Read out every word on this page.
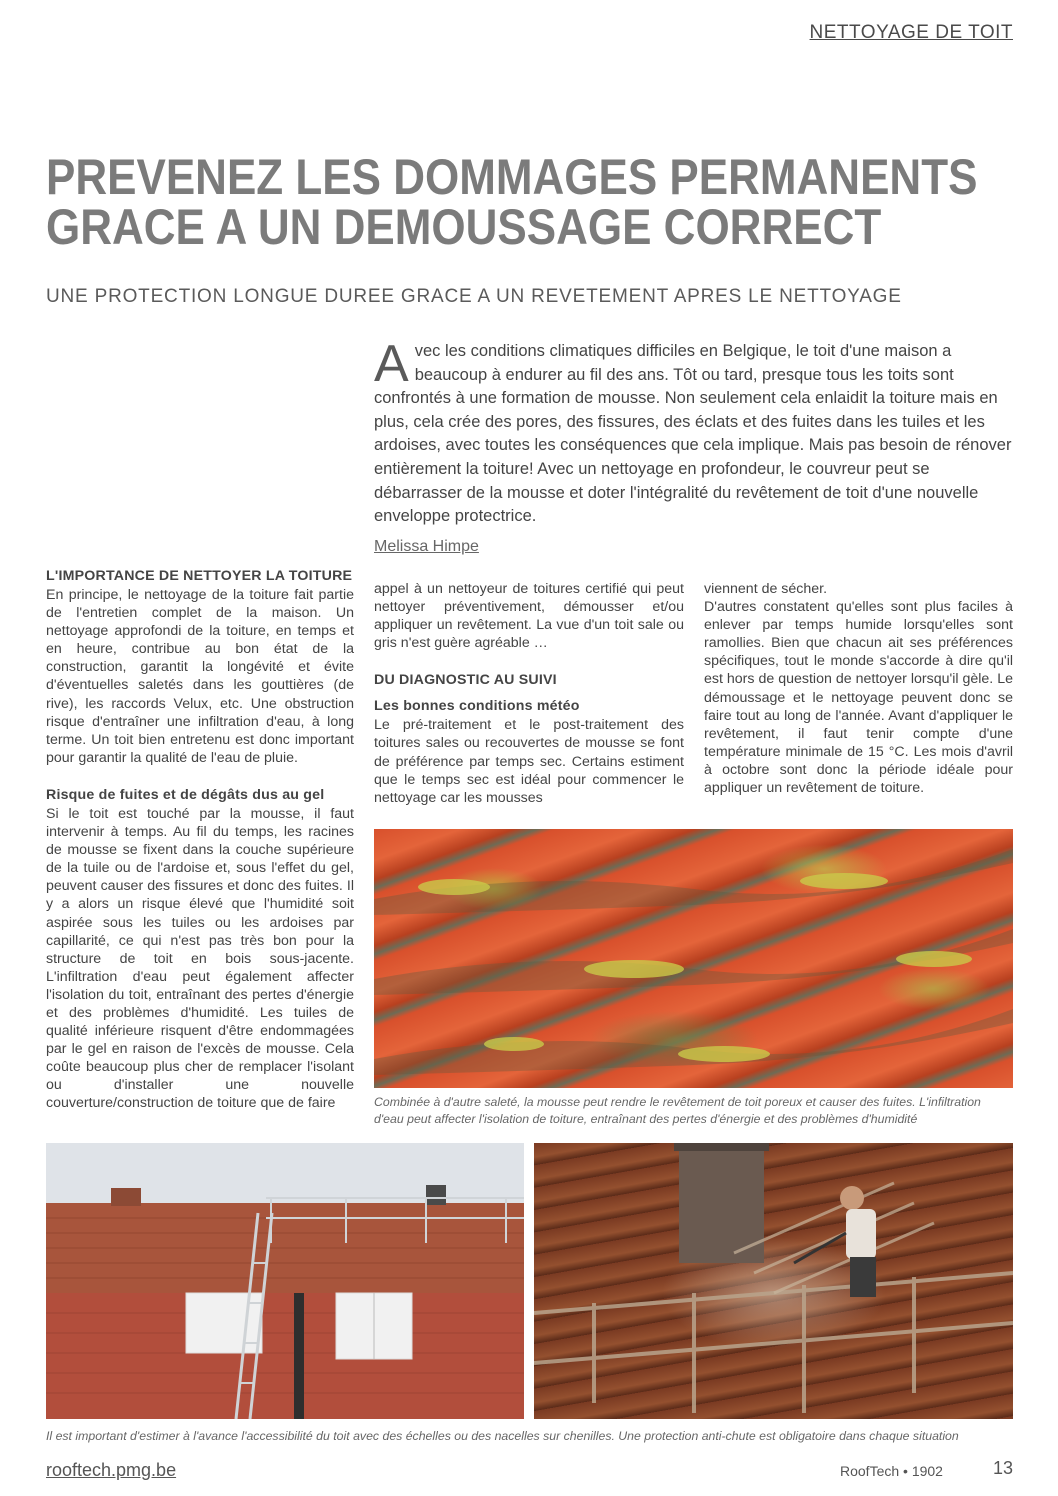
NETTOYAGE DE TOIT
PREVENEZ LES DOMMAGES PERMANENTS
GRACE A UN DEMOUSSAGE CORRECT
UNE PROTECTION LONGUE DUREE GRACE A UN REVETEMENT APRES LE NETTOYAGE

Avec les conditions climatiques difficiles en Belgique, le toit d'une maison a beaucoup à endurer au fil des ans. Tôt ou tard, presque tous les toits sont confrontés à une formation de mousse. Non seulement cela enlaidit la toiture mais en plus, cela crée des pores, des fissures, des éclats et des fuites dans les tuiles et les ardoises, avec toutes les conséquences que cela implique. Mais pas besoin de rénover entièrement la toiture! Avec un nettoyage en profondeur, le couvreur peut se débarrasser de la mousse et doter l'intégralité du revêtement de toit d'une nouvelle enveloppe protectrice.

Melissa Himpe
L'IMPORTANCE DE NETTOYER LA TOITURE

En principe, le nettoyage de la toiture fait partie de l'entretien complet de la maison. Un nettoyage approfondi de la toiture, en temps et en heure, contribue au bon état de la construction, garantit la longévité et évite d'éventuelles saletés dans les gouttières (de rive), les raccords Velux, etc. Une obstruction risque d'entraîner une infiltration d'eau, à long terme. Un toit bien entretenu est donc important pour garantir la qualité de l'eau de pluie.

Risque de fuites et de dégâts dus au gel

Si le toit est touché par la mousse, il faut intervenir à temps. Au fil du temps, les racines de mousse se fixent dans la couche supérieure de la tuile ou de l'ardoise et, sous l'effet du gel, peuvent causer des fissures et donc des fuites. Il y a alors un risque élevé que l'humidité soit aspirée sous les tuiles ou les ardoises par capillarité, ce qui n'est pas très bon pour la structure de toit en bois sous-jacente. L'infiltration d'eau peut également affecter l'isolation du toit, entraînant des pertes d'énergie et des problèmes d'humidité. Les tuiles de qualité inférieure risquent d'être endommagées par le gel en raison de l'excès de mousse. Cela coûte beaucoup plus cher de remplacer l'isolant ou d'installer une nouvelle couverture/construction de toiture que de faire

appel à un nettoyeur de toitures certifié qui peut nettoyer préventivement, démousser et/ou appliquer un revêtement. La vue d'un toit sale ou gris n'est guère agréable …

DU DIAGNOSTIC AU SUIVI
Les bonnes conditions météo

Le pré-traitement et le post-traitement des toitures sales ou recouvertes de mousse se font de préférence par temps sec. Certains estiment que le temps sec est idéal pour commencer le nettoyage car les mousses

viennent de sécher.

D'autres constatent qu'elles sont plus faciles à enlever par temps humide lorsqu'elles sont ramollies. Bien que chacun ait ses préférences spécifiques, tout le monde s'accorde à dire qu'il est hors de question de nettoyer lorsqu'il gèle. Le démoussage et le nettoyage peuvent donc se faire tout au long de l'année. Avant d'appliquer le revêtement, il faut tenir compte d'une température minimale de 15 °C. Les mois d'avril à octobre sont donc la période idéale pour appliquer un revêtement de toiture.

Combinée à d'autre saleté, la mousse peut rendre le revêtement de toit poreux et causer des fuites. L'infiltration d'eau peut affecter l'isolation de toiture, entraînant des pertes d'énergie et des problèmes d'humidité
Il est important d'estimer à l'avance l'accessibilité du toit avec des échelles ou des nacelles sur chenilles. Une protection anti-chute est obligatoire dans chaque situation
rooftech.pmg.be	RoofTech • 1902	13
